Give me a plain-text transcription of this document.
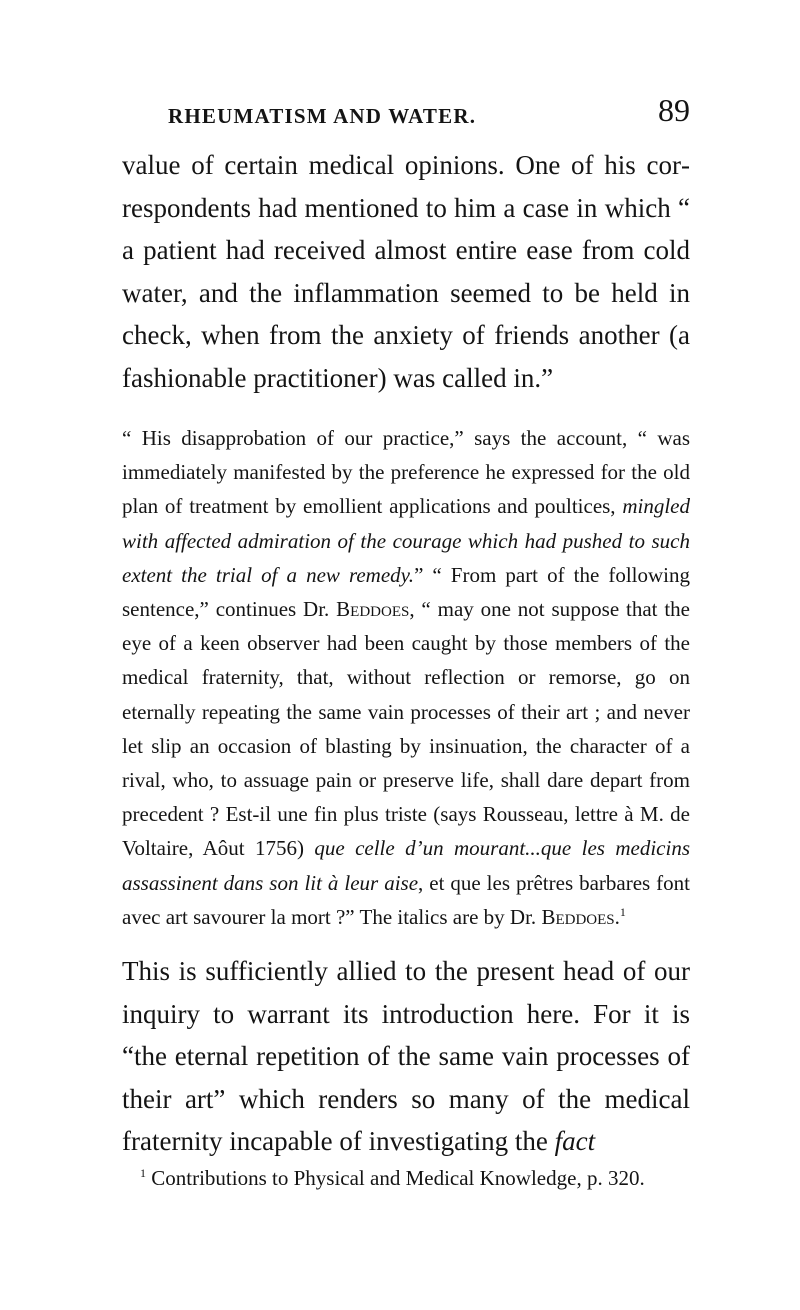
RHEUMATISM AND WATER.	89

value of certain medical opinions. One of his correspondents had mentioned to him a case in which “ a patient had received almost entire ease from cold water, and the inflammation seemed to be held in check, when from the anxiety of friends another (a fashionable practitioner) was called in.”

“ His disapprobation of our practice,” says the account, “ was immediately manifested by the preference he expressed for the old plan of treatment by emollient applications and poultices, mingled with affected admiration of the courage which had pushed to such extent the trial of a new remedy.” “ From part of the following sentence,” continues Dr. Beddoes, “ may one not suppose that the eye of a keen observer had been caught by those members of the medical fraternity, that, without reflection or remorse, go on eternally repeating the same vain processes of their art ; and never let slip an occasion of blasting by insinuation, the character of a rival, who, to assuage pain or preserve life, shall dare depart from precedent ? Est-il une fin plus triste (says Rousseau, lettre à M. de Voltaire, Aôut 1756) que celle d’un mourant...que les medicins assassinent dans son lit à leur aise, et que les prêtres barbares font avec art savourer la mort ?” The italics are by Dr. Beddoes.$^1$

This is sufficiently allied to the present head of our inquiry to warrant its introduction here. For it is “the eternal repetition of the same vain processes of their art” which renders so many of the medical fraternity incapable of investigating the fact

$^1$ Contributions to Physical and Medical Knowledge, p. 320.
